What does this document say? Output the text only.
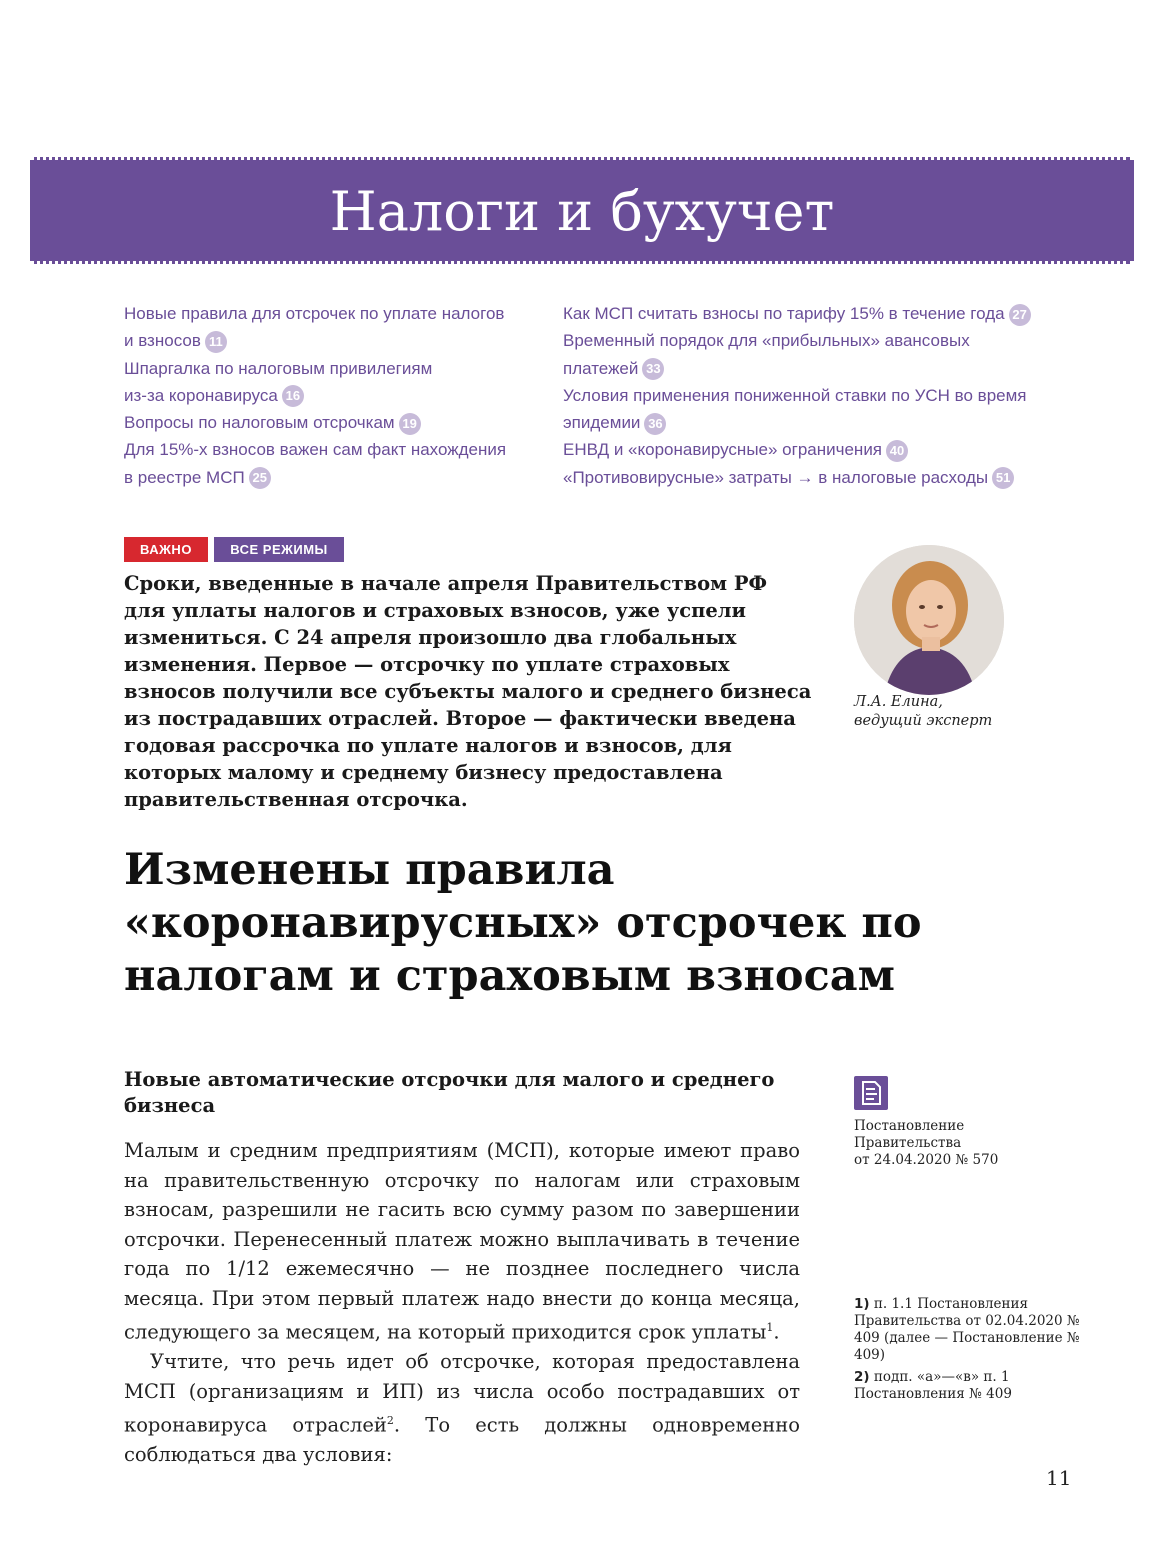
Налоги и бухучет
Новые правила для отсрочек по уплате налогов
и взносов 11
Шпаргалка по налоговым привилегиям
из-за коронавируса 16
Вопросы по налоговым отсрочкам 19
Для 15%-х взносов важен сам факт нахождения
в реестре МСП 25
Как МСП считать взносы по тарифу 15% в течение года 27
Временный порядок для «прибыльных» авансовых
платежей 33
Условия применения пониженной ставки по УСН во время
эпидемии 36
ЕНВД и «коронавирусные» ограничения 40
«Противовирусные» затраты → в налоговые расходы 51
ВАЖНО	ВСЕ РЕЖИМЫ
Сроки, введенные в начале апреля Правительством РФ для уплаты налогов и страховых взносов, уже успели измениться. С 24 апреля произошло два глобальных изменения. Первое — отсрочку по уплате страховых взносов получили все субъекты малого и среднего бизнеса из пострадавших отраслей. Второе — фактически введена годовая рассрочка по уплате налогов и взносов, для которых малому и среднему бизнесу предоставлена правительственная отсрочка.
Л.А. Елина,
ведущий эксперт
Изменены правила «коронавирусных» отсрочек по налогам и страховым взносам
Новые автоматические отсрочки для малого и среднего бизнеса

Малым и средним предприятиям (МСП), которые имеют право на правительственную отсрочку по налогам или страховым взносам, разрешили не гасить всю сумму разом по завершении отсрочки. Перенесенный платеж можно выплачивать в течение года по 1/12 ежемесячно — не позднее последнего числа месяца. При этом первый платеж надо внести до конца месяца, следующего за месяцем, на который приходится срок уплаты$^1$.

Учтите, что речь идет об отсрочке, которая предоставлена МСП (организациям и ИП) из числа особо пострадавших от коронавируса отраслей$^2$. То есть должны одновременно соблюдаться два условия:

Постановление Правительства
от 24.04.2020 № 570
1) п. 1.1 Постановления Правительства от 02.04.2020 № 409 (далее — Постановление № 409)
2) подп. «а»—«в» п. 1 Постановления № 409
11
